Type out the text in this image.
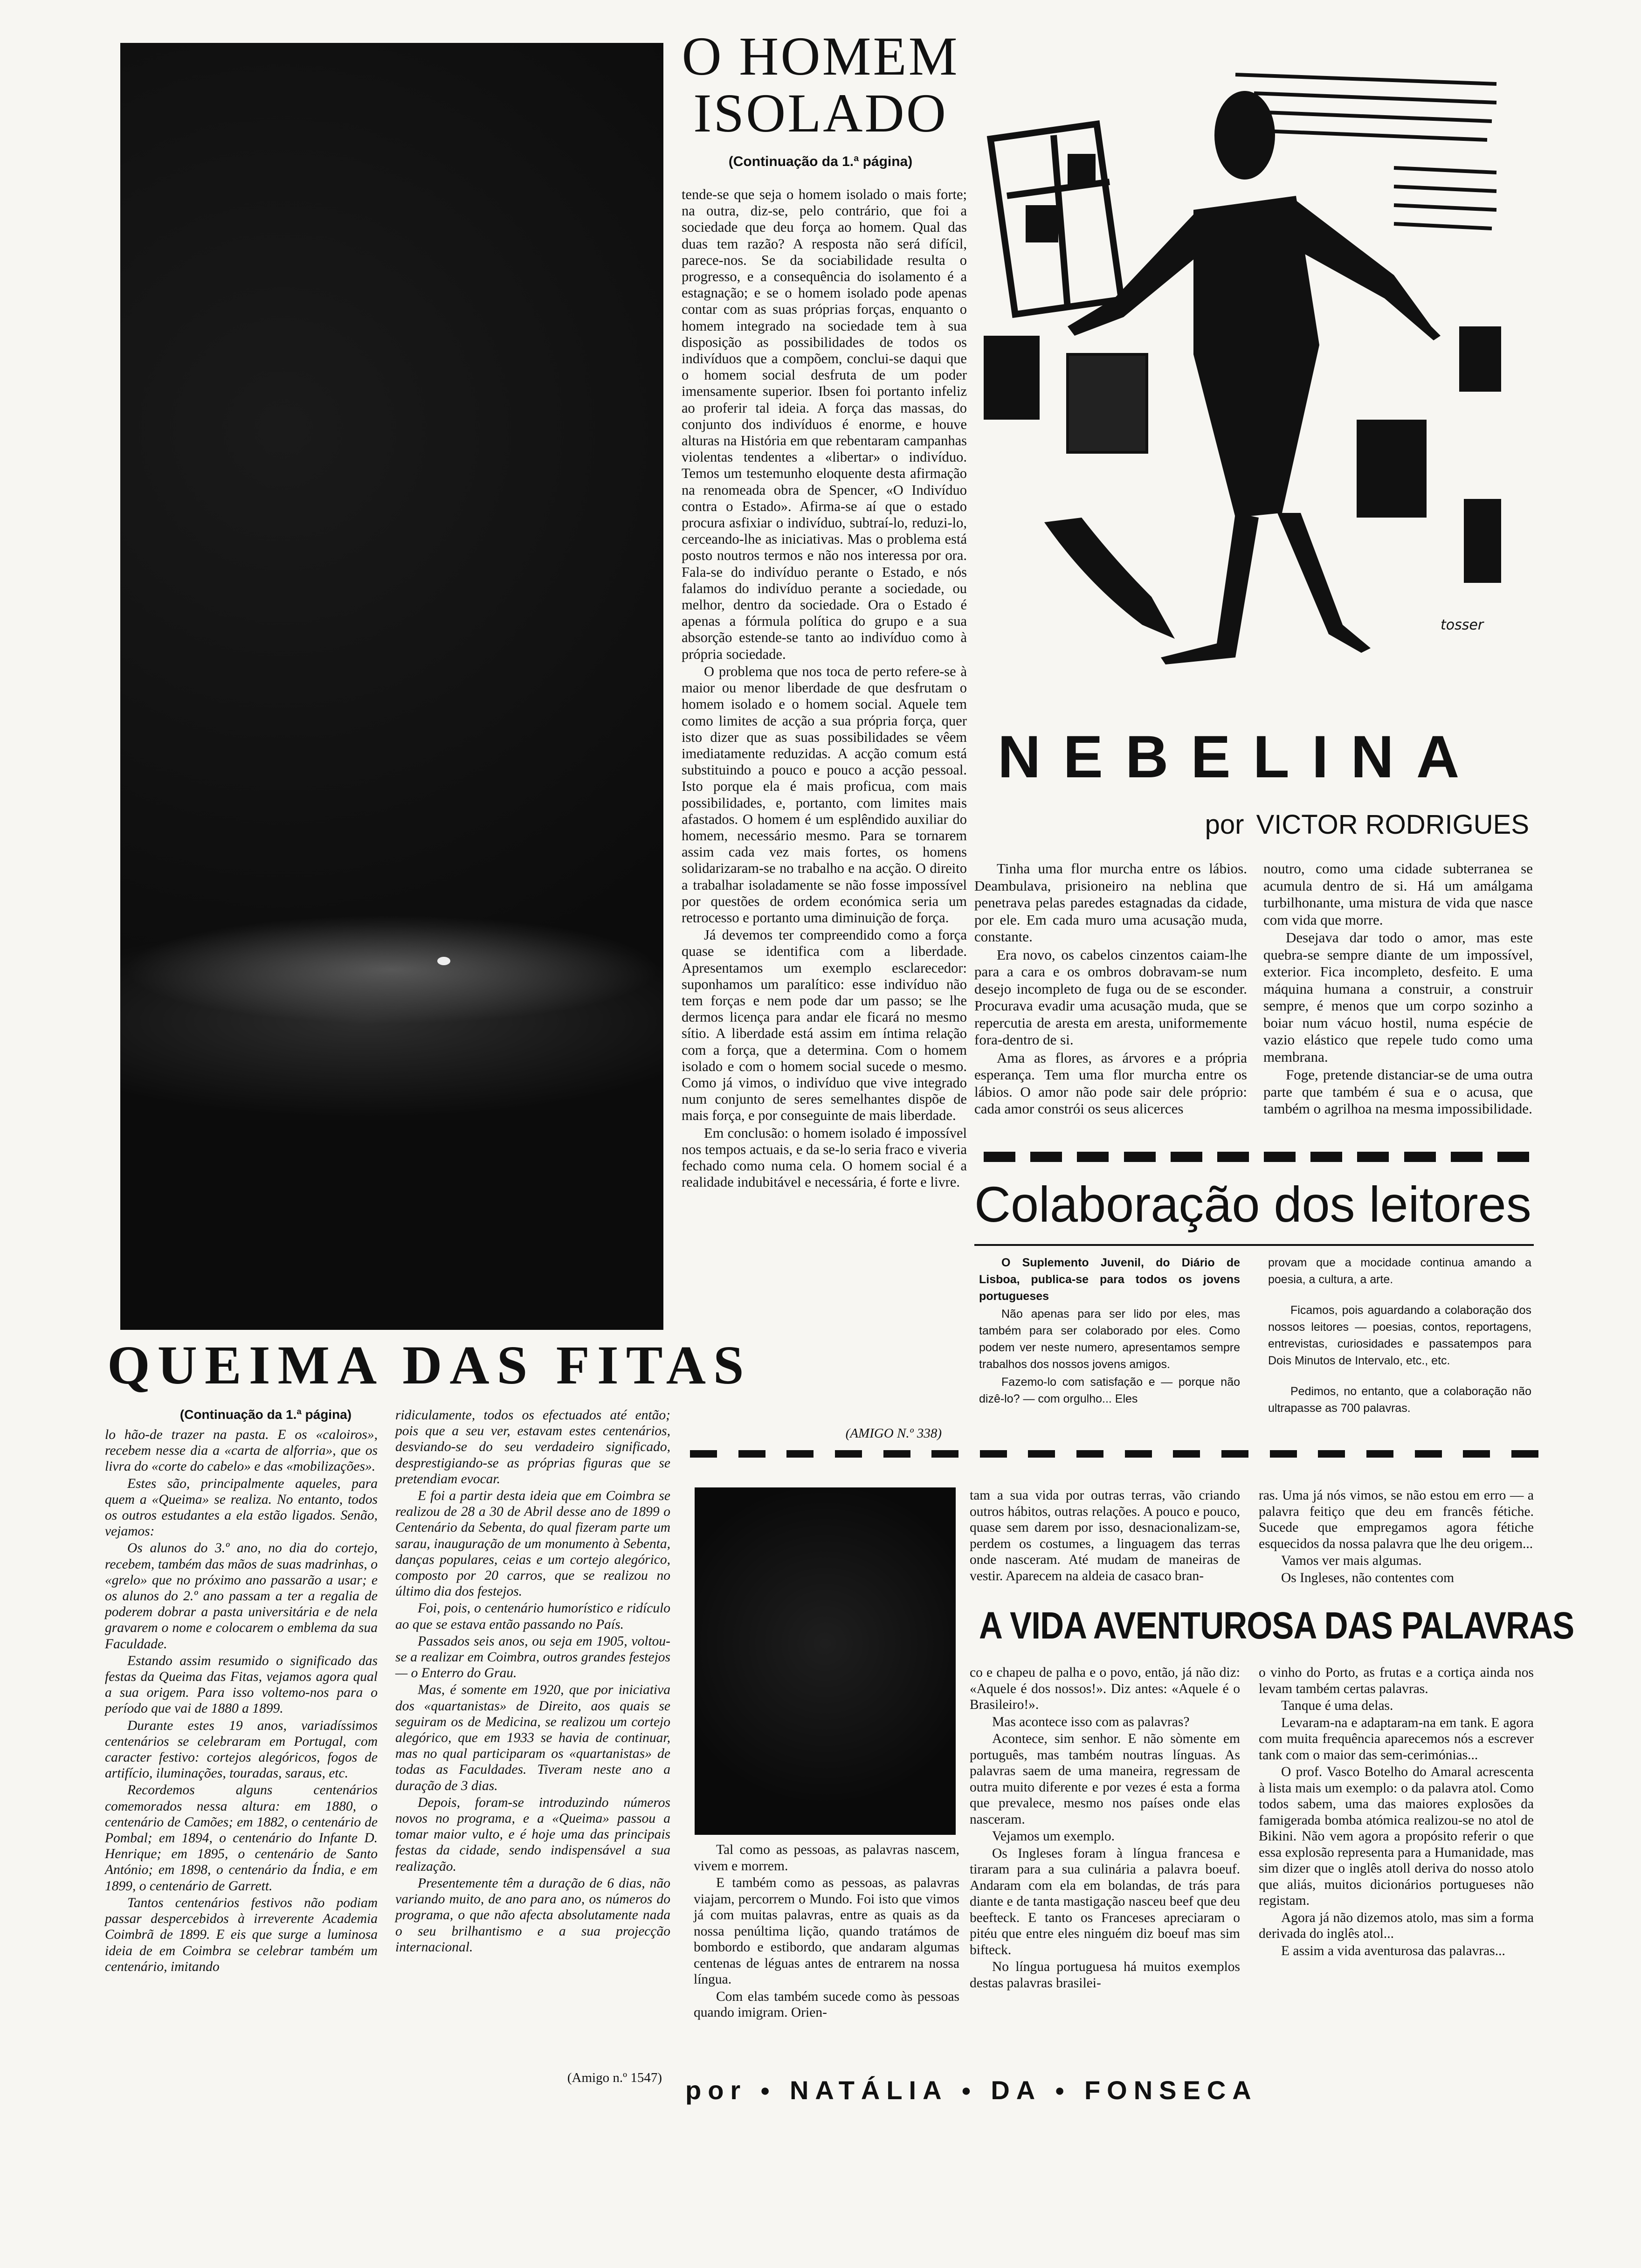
O HOMEM
ISOLADO
(Continuação da 1.ª página)

tende-se que seja o homem isolado o mais forte; na outra, diz-se, pelo contrário, que foi a sociedade que deu força ao homem. Qual das duas tem razão? A resposta não será difícil, parece-nos. Se da sociabilidade resulta o progresso, e a consequência do isolamento é a estagnação; e se o homem isolado pode apenas contar com as suas próprias forças, enquanto o homem integrado na sociedade tem à sua disposição as possibilidades de todos os indivíduos que a compõem, conclui-se daqui que o homem social desfruta de um poder imensamente superior. Ibsen foi portanto infeliz ao proferir tal ideia. A força das massas, do conjunto dos indivíduos é enorme, e houve alturas na História em que rebentaram campanhas violentas tendentes a «libertar» o indivíduo. Temos um testemunho eloquente desta afirmação na renomeada obra de Spencer, «O Indivíduo contra o Estado». Afirma-se aí que o estado procura asfixiar o indivíduo, subtraí-lo, reduzi-lo, cerceando-lhe as iniciativas. Mas o problema está posto noutros termos e não nos interessa por ora. Fala-se do indivíduo perante o Estado, e nós falamos do indivíduo perante a sociedade, ou melhor, dentro da sociedade. Ora o Estado é apenas a fórmula política do grupo e a sua absorção estende-se tanto ao indivíduo como à própria sociedade.

O problema que nos toca de perto refere-se à maior ou menor liberdade de que desfrutam o homem isolado e o homem social. Aquele tem como limites de acção a sua própria força, quer isto dizer que as suas possibilidades se vêem imediatamente reduzidas. A acção comum está substituindo a pouco e pouco a acção pessoal. Isto porque ela é mais proficua, com mais possibilidades, e, portanto, com limites mais afastados. O homem é um esplêndido auxiliar do homem, necessário mesmo. Para se tornarem assim cada vez mais fortes, os homens solidarizaram-se no trabalho e na acção. O direito a trabalhar isoladamente se não fosse impossível por questões de ordem económica seria um retrocesso e portanto uma diminuição de força.

Já devemos ter compreendido como a força quase se identifica com a liberdade. Apresentamos um exemplo esclarecedor: suponhamos um paralítico: esse indivíduo não tem forças e nem pode dar um passo; se lhe dermos licença para andar ele ficará no mesmo sítio. A liberdade está assim em íntima relação com a força, que a determina. Com o homem isolado e com o homem social sucede o mesmo. Como já vimos, o indivíduo que vive integrado num conjunto de seres semelhantes dispõe de mais força, e por conseguinte de mais liberdade.

Em conclusão: o homem isolado é impossível nos tempos actuais, e da se-lo seria fraco e viveria fechado como numa cela. O homem social é a realidade indubitável e necessária, é forte e livre.

(AMIGO N.º 338)
tosser
NEBELINA
por VICTOR RODRIGUES

Tinha uma flor murcha entre os lábios. Deambulava, prisioneiro na neblina que penetrava pelas paredes estagnadas da cidade, por ele. Em cada muro uma acusação muda, constante.

Era novo, os cabelos cinzentos caiam-lhe para a cara e os ombros dobravam-se num desejo incompleto de fuga ou de se esconder. Procurava evadir uma acusação muda, que se repercutia de aresta em aresta, uniformemente fora-dentro de si.

Ama as flores, as árvores e a própria esperança. Tem uma flor murcha entre os lábios. O amor não pode sair dele próprio: cada amor constrói os seus alicerces

noutro, como uma cidade subterranea se acumula dentro de si. Há um amálgama turbilhonante, uma mistura de vida que nasce com vida que morre.

Desejava dar todo o amor, mas este quebra-se sempre diante de um impossível, exterior. Fica incompleto, desfeito. E uma máquina humana a construir, a construir sempre, é menos que um corpo sozinho a boiar num vácuo hostil, numa espécie de vazio elástico que repele tudo como uma membrana.

Foge, pretende distanciar-se de uma outra parte que também é sua e o acusa, que também o agrilhoa na mesma impossibilidade.

Colaboração dos leitores

O Suplemento Juvenil, do Diário de Lisboa, publica-se para todos os jovens portugueses

Não apenas para ser lido por eles, mas também para ser colaborado por eles. Como podem ver neste numero, apresentamos sempre trabalhos dos nossos jovens amigos.

Fazemo-lo com satisfação e — porque não dizê-lo? — com orgulho... Eles

provam que a mocidade continua amando a poesia, a cultura, a arte.

Ficamos, pois aguardando a colaboração dos nossos leitores — poesias, contos, reportagens, entrevistas, curiosidades e passatempos para Dois Minutos de Intervalo, etc., etc.

Pedimos, no entanto, que a colaboração não ultrapasse as 700 palavras.

QUEIMA DAS FITAS
(Continuação da 1.ª página)

lo hão-de trazer na pasta. E os «caloiros», recebem nesse dia a «carta de alforria», que os livra do «corte do cabelo» e das «mobilizações».

Estes são, principalmente aqueles, para quem a «Queima» se realiza. No entanto, todos os outros estudantes a ela estão ligados. Senão, vejamos:

Os alunos do 3.º ano, no dia do cortejo, recebem, também das mãos de suas madrinhas, o «grelo» que no próximo ano passarão a usar; e os alunos do 2.º ano passam a ter a regalia de poderem dobrar a pasta universitária e de nela gravarem o nome e colocarem o emblema da sua Faculdade.

Estando assim resumido o significado das festas da Queima das Fitas, vejamos agora qual a sua origem. Para isso voltemo-nos para o período que vai de 1880 a 1899.

Durante estes 19 anos, variadíssimos centenários se celebraram em Portugal, com caracter festivo: cortejos alegóricos, fogos de artifício, iluminações, touradas, saraus, etc.

Recordemos alguns centenários comemorados nessa altura: em 1880, o centenário de Camões; em 1882, o centenário de Pombal; em 1894, o centenário do Infante D. Henrique; em 1895, o centenário de Santo António; em 1898, o centenário da Índia, e em 1899, o centenário de Garrett.

Tantos centenários festivos não podiam passar despercebidos à irreverente Academia Coimbrã de 1899. E eis que surge a luminosa ideia de em Coimbra se celebrar também um centenário, imitando

ridiculamente, todos os efectuados até então; pois que a seu ver, estavam estes centenários, desviando-se do seu verdadeiro significado, desprestigiando-se as próprias figuras que se pretendiam evocar.

E foi a partir desta ideia que em Coimbra se realizou de 28 a 30 de Abril desse ano de 1899 o Centenário da Sebenta, do qual fizeram parte um sarau, inauguração de um monumento à Sebenta, danças populares, ceias e um cortejo alegórico, composto por 20 carros, que se realizou no último dia dos festejos.

Foi, pois, o centenário humorístico e ridículo ao que se estava então passando no País.

Passados seis anos, ou seja em 1905, voltou-se a realizar em Coimbra, outros grandes festejos — o Enterro do Grau.

Mas, é somente em 1920, que por iniciativa dos «quartanistas» de Direito, aos quais se seguiram os de Medicina, se realizou um cortejo alegórico, que em 1933 se havia de continuar, mas no qual participaram os «quartanistas» de todas as Faculdades. Tiveram neste ano a duração de 3 dias.

Depois, foram-se introduzindo números novos no programa, e a «Queima» passou a tomar maior vulto, e é hoje uma das principais festas da cidade, sendo indispensável a sua realização.

Presentemente têm a duração de 6 dias, não variando muito, de ano para ano, os números do programa, o que não afecta absolutamente nada o seu brilhantismo e a sua projecção internacional.

(Amigo n.º 1547)

Tal como as pessoas, as palavras nascem, vivem e morrem.

E também como as pessoas, as palavras viajam, percorrem o Mundo. Foi isto que vimos já com muitas palavras, entre as quais as da nossa penúltima lição, quando tratámos de bombordo e estibordo, que andaram algumas centenas de léguas antes de entrarem na nossa língua.

Com elas também sucede como às pessoas quando imigram. Orien-

tam a sua vida por outras terras, vão criando outros hábitos, outras relações. A pouco e pouco, quase sem darem por isso, desnacionalizam-se, perdem os costumes, a linguagem das terras onde nasceram. Até mudam de maneiras de vestir. Aparecem na aldeia de casaco bran-

ras. Uma já nós vimos, se não estou em erro — a palavra feitiço que deu em francês fétiche. Sucede que empregamos agora fétiche esquecidos da nossa palavra que lhe deu origem...

Vamos ver mais algumas.

Os Ingleses, não contentes com

A VIDA AVENTUROSA DAS PALAVRAS

co e chapeu de palha e o povo, então, já não diz: «Aquele é dos nossos!». Diz antes: «Aquele é o Brasileiro!».

Mas acontece isso com as palavras?

Acontece, sim senhor. E não sòmente em português, mas também noutras línguas. As palavras saem de uma maneira, regressam de outra muito diferente e por vezes é esta a forma que prevalece, mesmo nos países onde elas nasceram.

Vejamos um exemplo.

Os Ingleses foram à língua francesa e tiraram para a sua culinária a palavra boeuf. Andaram com ela em bolandas, de trás para diante e de tanta mastigação nasceu beef que deu beefteck. E tanto os Franceses apreciaram o pitéu que entre eles ninguém diz boeuf mas sim bifteck.

No língua portuguesa há muitos exemplos destas palavras brasilei-

o vinho do Porto, as frutas e a cortiça ainda nos levam também certas palavras.

Tanque é uma delas.

Levaram-na e adaptaram-na em tank. E agora com muita frequência aparecemos nós a escrever tank com o maior das sem-cerimónias...

O prof. Vasco Botelho do Amaral acrescenta à lista mais um exemplo: o da palavra atol. Como todos sabem, uma das maiores explosões da famigerada bomba atómica realizou-se no atol de Bikini. Não vem agora a propósito referir o que essa explosão representa para a Humanidade, mas sim dizer que o inglês atoll deriva do nosso atolo que aliás, muitos dicionários portugueses não registam.

Agora já não dizemos atolo, mas sim a forma derivada do inglês atol...

E assim a vida aventurosa das palavras...

por ● NATÁLIA ● DA ● FONSECA
